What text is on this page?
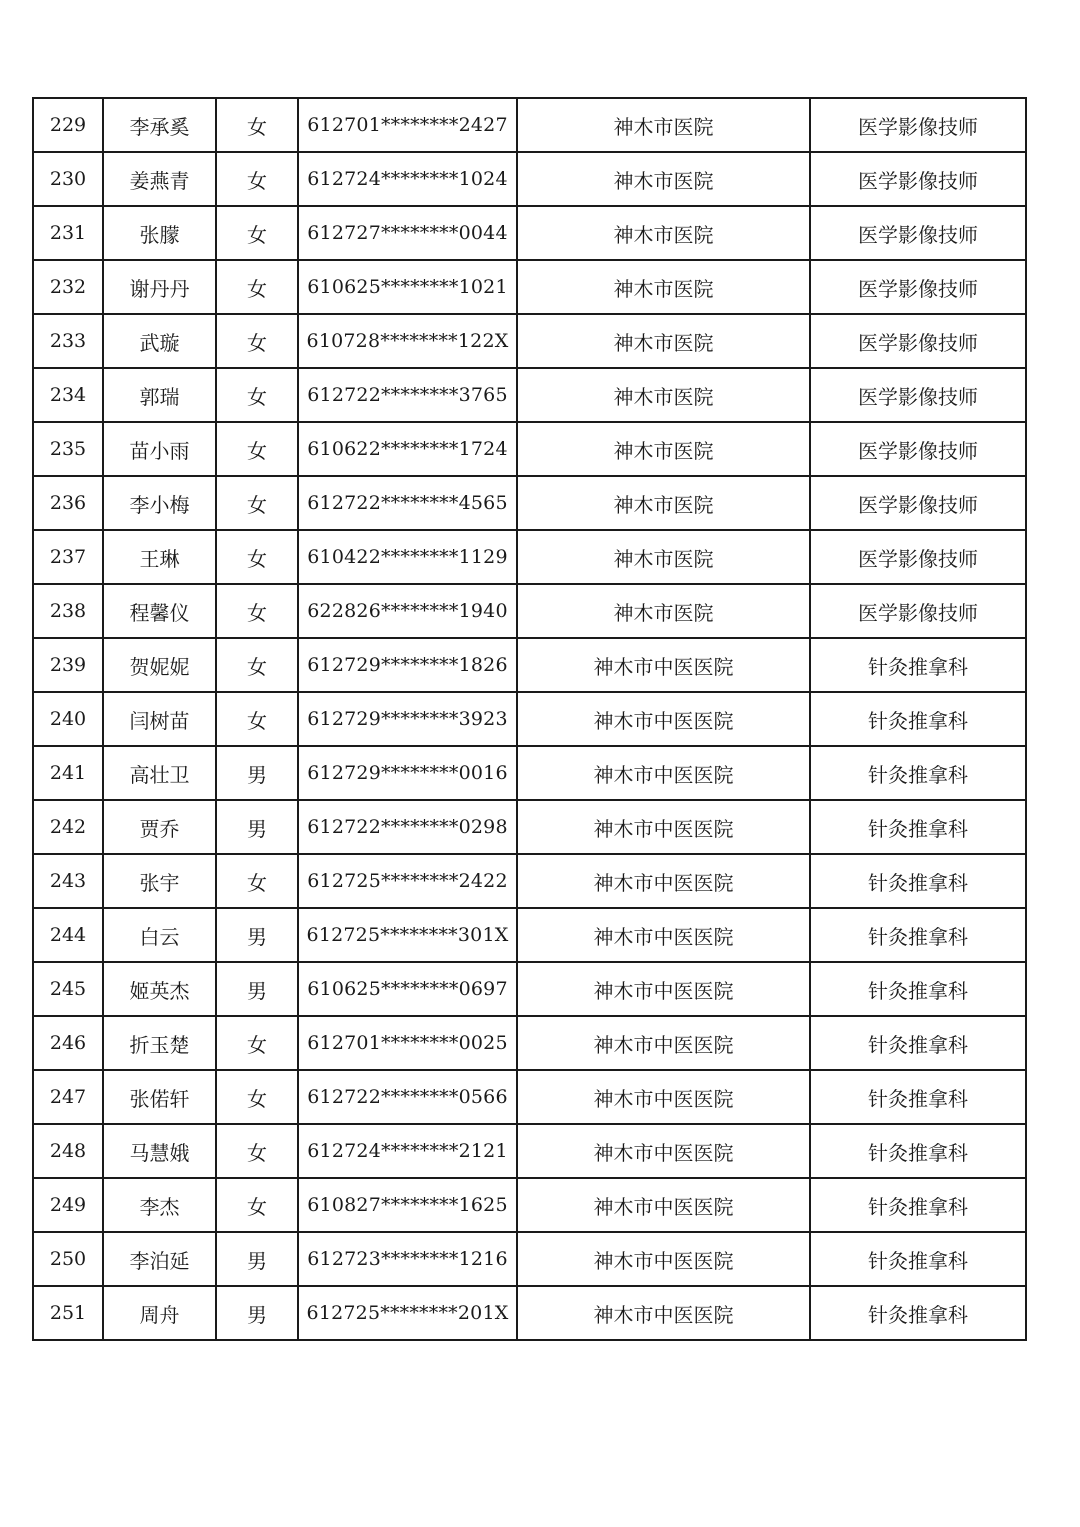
229	李承奚	女	612701********2427	神木市医院	医学影像技师
230	姜燕青	女	612724********1024	神木市医院	医学影像技师
231	张朦	女	612727********0044	神木市医院	医学影像技师
232	谢丹丹	女	610625********1021	神木市医院	医学影像技师
233	武璇	女	610728********122X	神木市医院	医学影像技师
234	郭瑞	女	612722********3765	神木市医院	医学影像技师
235	苗小雨	女	610622********1724	神木市医院	医学影像技师
236	李小梅	女	612722********4565	神木市医院	医学影像技师
237	王琳	女	610422********1129	神木市医院	医学影像技师
238	程馨仪	女	622826********1940	神木市医院	医学影像技师
239	贺妮妮	女	612729********1826	神木市中医医院	针灸推拿科
240	闫树苗	女	612729********3923	神木市中医医院	针灸推拿科
241	高壮卫	男	612729********0016	神木市中医医院	针灸推拿科
242	贾乔	男	612722********0298	神木市中医医院	针灸推拿科
243	张宇	女	612725********2422	神木市中医医院	针灸推拿科
244	白云	男	612725********301X	神木市中医医院	针灸推拿科
245	姬英杰	男	610625********0697	神木市中医医院	针灸推拿科
246	折玉楚	女	612701********0025	神木市中医医院	针灸推拿科
247	张偌轩	女	612722********0566	神木市中医医院	针灸推拿科
248	马慧娥	女	612724********2121	神木市中医医院	针灸推拿科
249	李杰	女	610827********1625	神木市中医医院	针灸推拿科
250	李泊延	男	612723********1216	神木市中医医院	针灸推拿科
251	周舟	男	612725********201X	神木市中医医院	针灸推拿科
